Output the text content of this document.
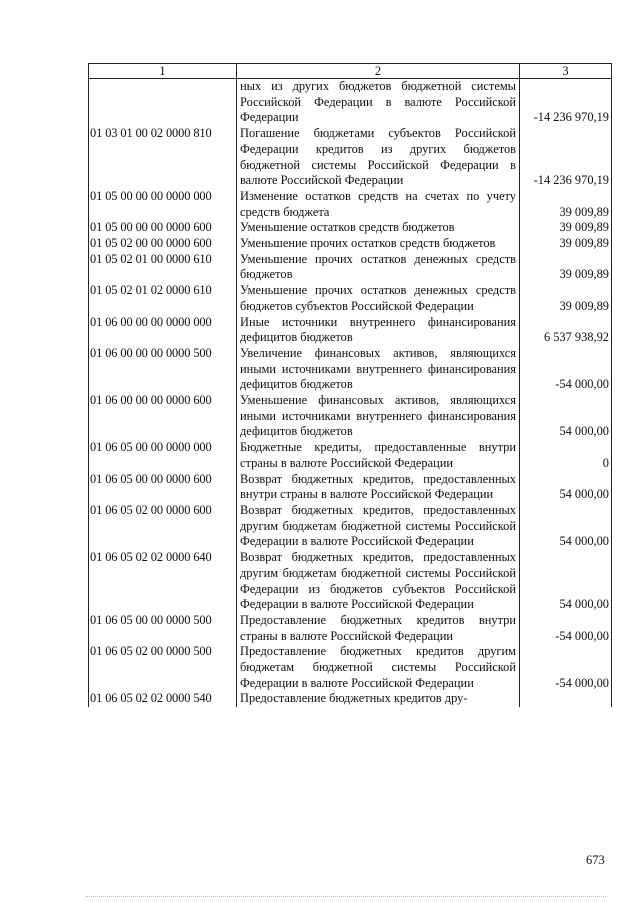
1	2	3
	ных из других бюджетов бюджетной системы Российской Федерации в валюте Российской Федерации	-14 236 970,19
01 03 01 00 02 0000 810	Погашение бюджетами субъектов Российской Федерации кредитов из других бюджетов бюджетной системы Российской Федерации в валюте Российской Федерации	-14 236 970,19
01 05 00 00 00 0000 000	Изменение остатков средств на счетах по учету средств бюджета	39 009,89
01 05 00 00 00 0000 600	Уменьшение остатков средств бюджетов	39 009,89
01 05 02 00 00 0000 600	Уменьшение прочих остатков средств бюджетов	39 009,89
01 05 02 01 00 0000 610	Уменьшение прочих остатков денежных средств бюджетов	39 009,89
01 05 02 01 02 0000 610	Уменьшение прочих остатков денежных средств бюджетов субъектов Российской Федерации	39 009,89
01 06 00 00 00 0000 000	Иные источники внутреннего финансирования дефицитов бюджетов	6 537 938,92
01 06 00 00 00 0000 500	Увеличение финансовых активов, являющихся иными источниками внутреннего финансирования дефицитов бюджетов	-54 000,00
01 06 00 00 00 0000 600	Уменьшение финансовых активов, являющихся иными источниками внутреннего финансирования дефицитов бюджетов	54 000,00
01 06 05 00 00 0000 000	Бюджетные кредиты, предоставленные внутри страны в валюте Российской Федерации	0
01 06 05 00 00 0000 600	Возврат бюджетных кредитов, предоставленных внутри страны в валюте Российской Федерации	54 000,00
01 06 05 02 00 0000 600	Возврат бюджетных кредитов, предоставленных другим бюджетам бюджетной системы Российской Федерации в валюте Российской Федерации	54 000,00
01 06 05 02 02 0000 640	Возврат бюджетных кредитов, предоставленных другим бюджетам бюджетной системы Российской Федерации из бюджетов субъектов Российской Федерации в валюте Российской Федерации	54 000,00
01 06 05 00 00 0000 500	Предоставление бюджетных кредитов внутри страны в валюте Российской Федерации	-54 000,00
01 06 05 02 00 0000 500	Предоставление бюджетных кредитов другим бюджетам бюджетной системы Российской Федерации в валюте Российской Федерации	-54 000,00
01 06 05 02 02 0000 540	Предоставление бюджетных кредитов дру-	
673
